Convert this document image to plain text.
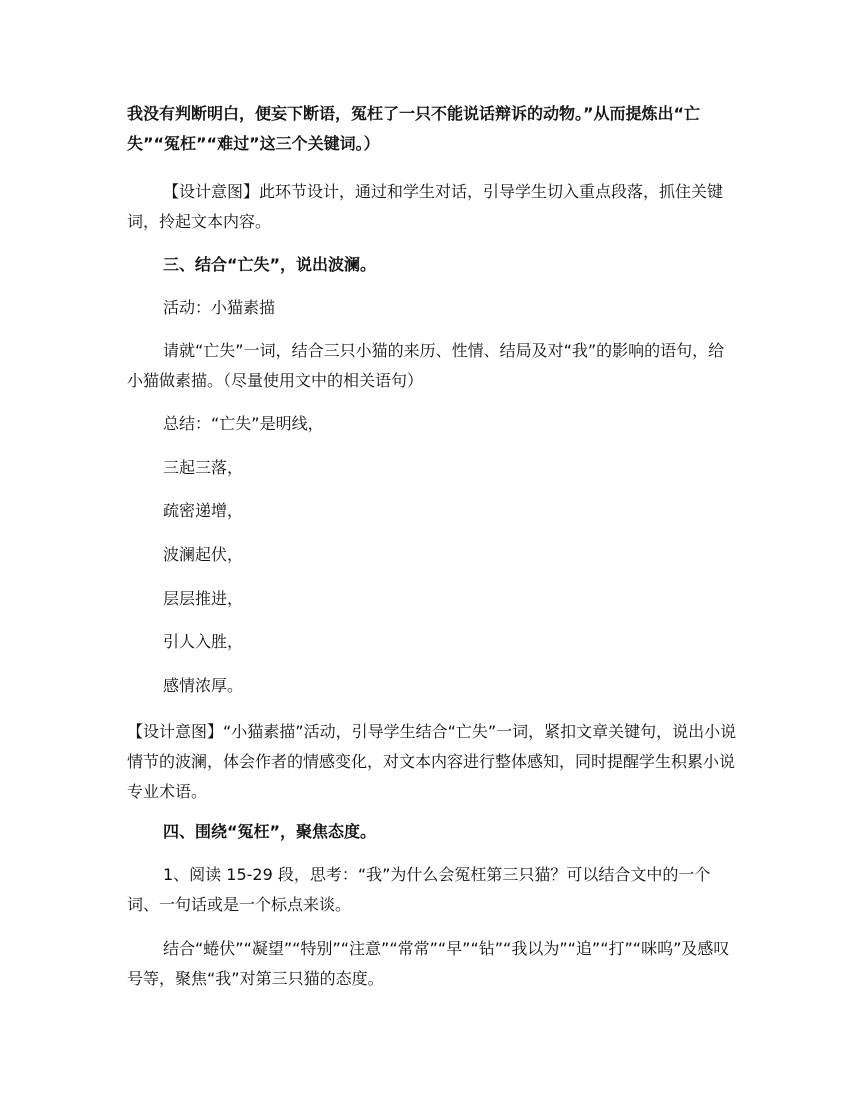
我没有判断明白，便妄下断语，冤枉了一只不能说话辩诉的动物。”从而提炼出“亡失”“冤枉”“难过”这三个关键词。）

【设计意图】此环节设计，通过和学生对话，引导学生切入重点段落，抓住关键词，拎起文本内容。

三、结合“亡失”，说出波澜。

活动：小猫素描

请就“亡失”一词，结合三只小猫的来历、性情、结局及对“我”的影响的语句，给小猫做素描。（尽量使用文中的相关语句）

总结：“亡失”是明线，

三起三落，

疏密递增，

波澜起伏，

层层推进，

引人入胜，

感情浓厚。

【设计意图】“小猫素描”活动，引导学生结合“亡失”一词，紧扣文章关键句，说出小说情节的波澜，体会作者的情感变化，对文本内容进行整体感知，同时提醒学生积累小说专业术语。

四、围绕“冤枉”，聚焦态度。

1、阅读 15-29 段，思考：“我”为什么会冤枉第三只猫？可以结合文中的一个词、一句话或是一个标点来谈。

结合“蜷伏”“凝望”“特别”“注意”“常常”“早”“钻”“我以为”“追”“打”“咪呜”及感叹号等，聚焦“我”对第三只猫的态度。
